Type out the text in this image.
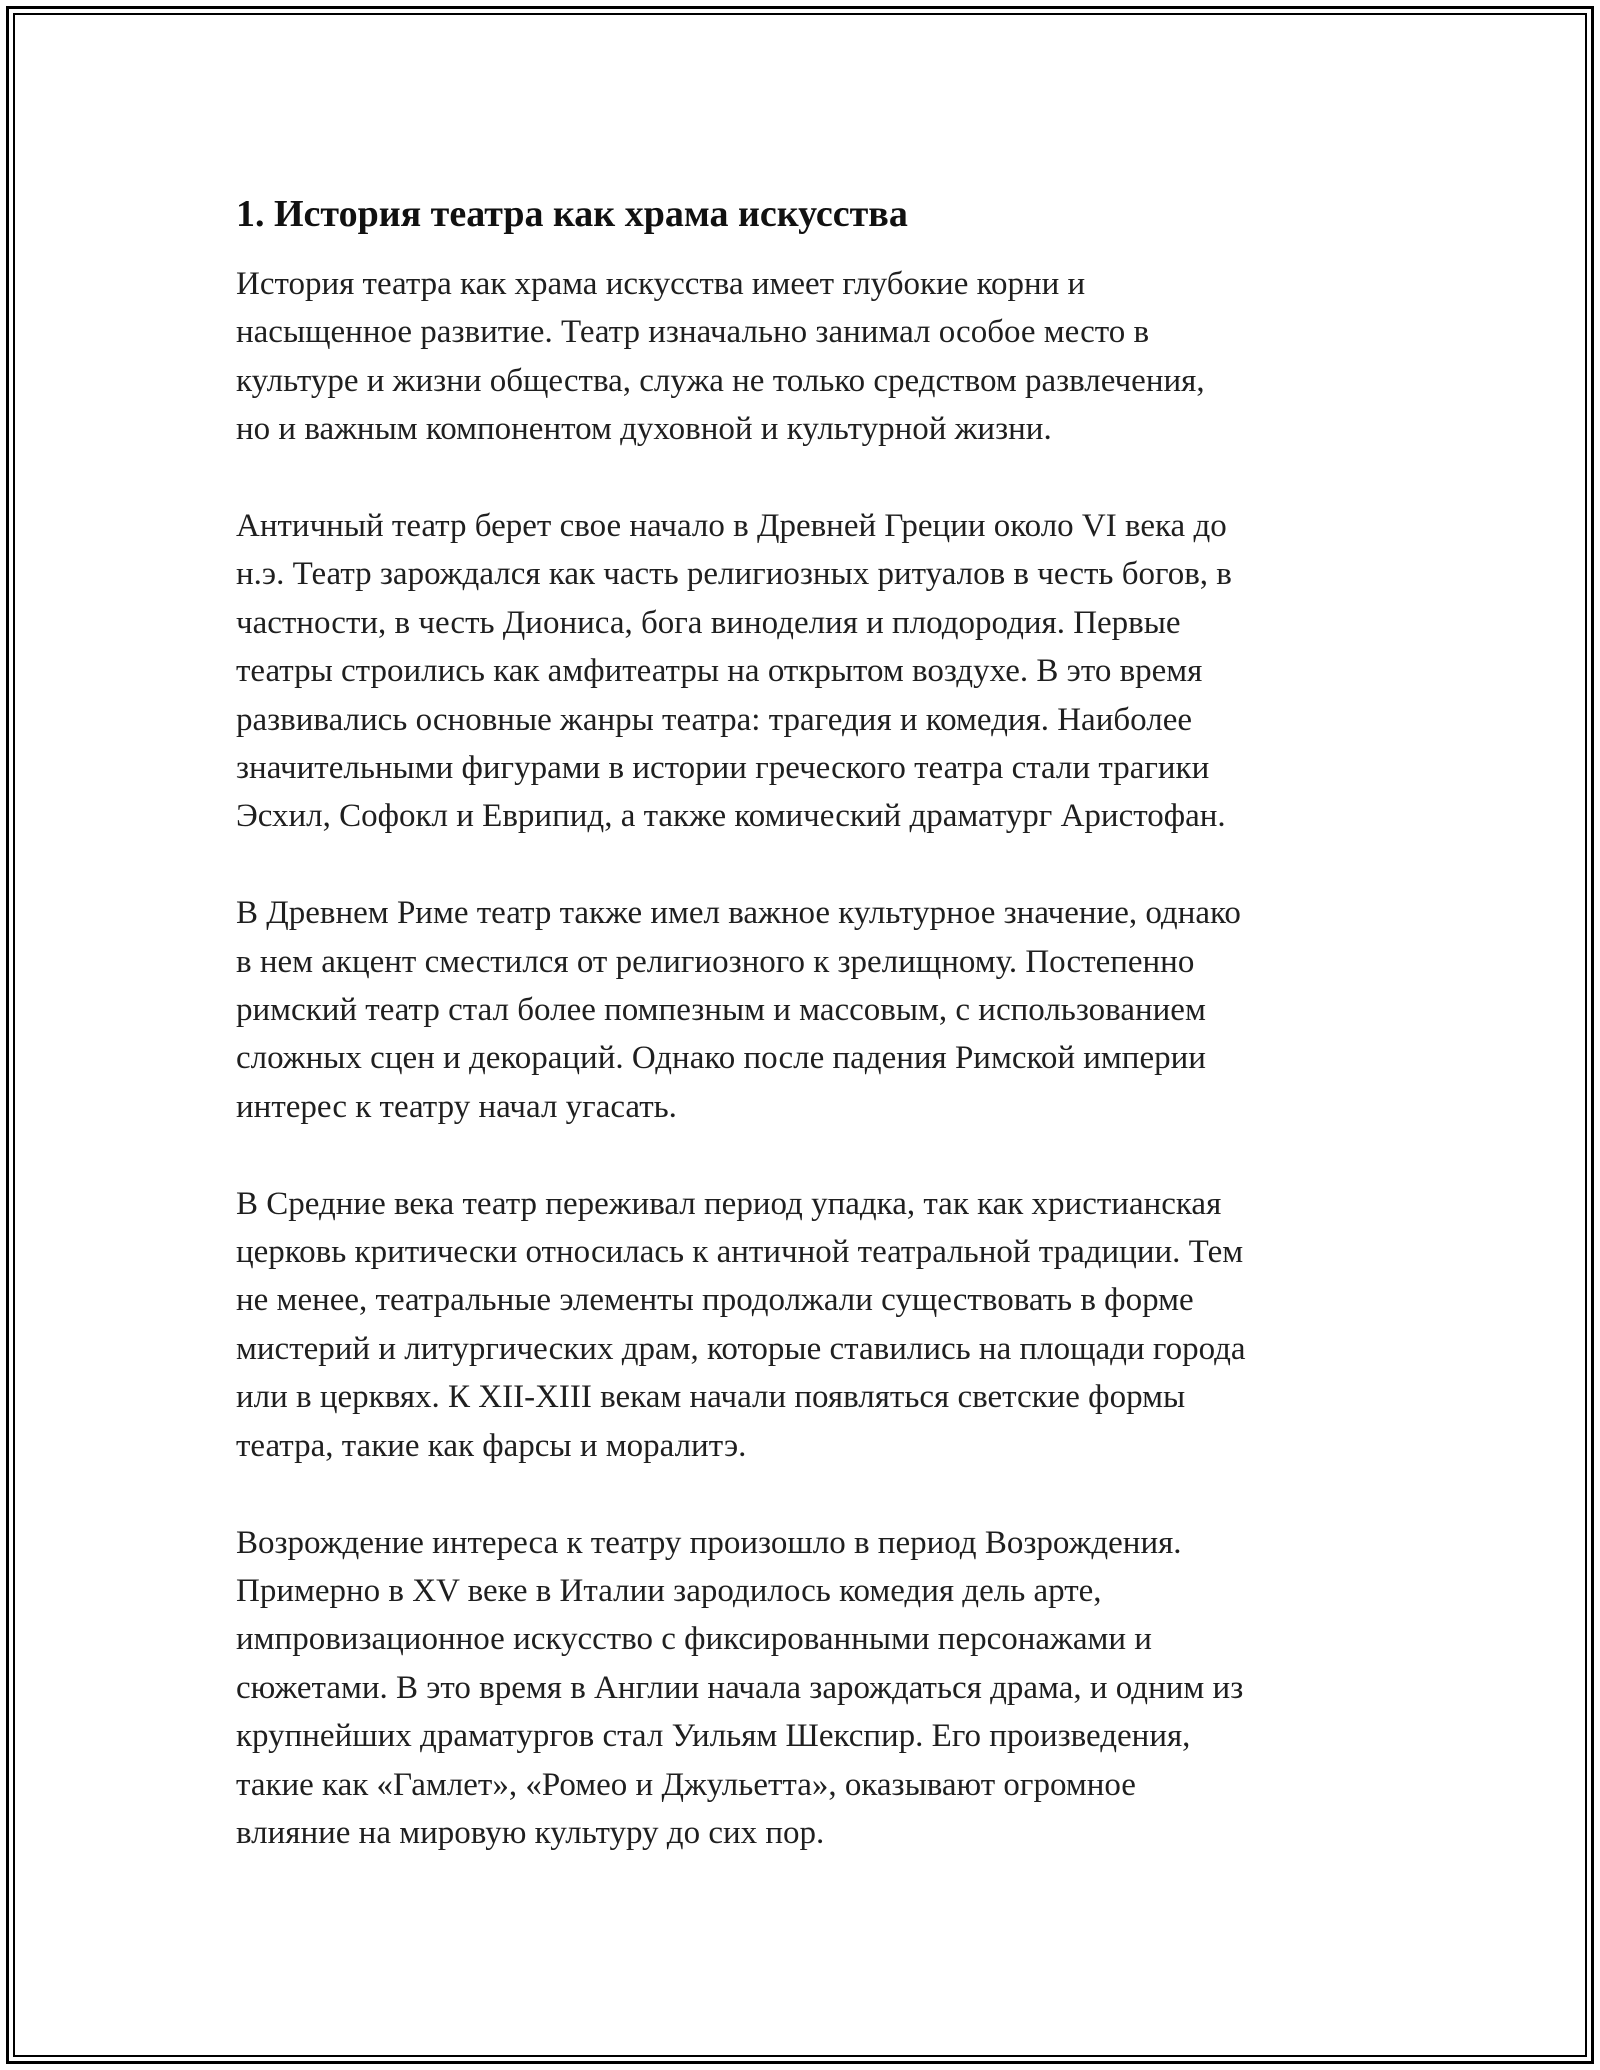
1. История театра как храма искусства

История театра как храма искусства имеет глубокие корни и
насыщенное развитие. Театр изначально занимал особое место в
культуре и жизни общества, служа не только средством развлечения,
но и важным компонентом духовной и культурной жизни.

Античный театр берет свое начало в Древней Греции около VI века до
н.э. Театр зарождался как часть религиозных ритуалов в честь богов, в
частности, в честь Диониса, бога виноделия и плодородия. Первые
театры строились как амфитеатры на открытом воздухе. В это время
развивались основные жанры театра: трагедия и комедия. Наиболее
значительными фигурами в истории греческого театра стали трагики
Эсхил, Софокл и Еврипид, а также комический драматург Аристофан.

В Древнем Риме театр также имел важное культурное значение, однако
в нем акцент сместился от религиозного к зрелищному. Постепенно
римский театр стал более помпезным и массовым, с использованием
сложных сцен и декораций. Однако после падения Римской империи
интерес к театру начал угасать.

В Средние века театр переживал период упадка, так как христианская
церковь критически относилась к античной театральной традиции. Тем
не менее, театральные элементы продолжали существовать в форме
мистерий и литургических драм, которые ставились на площади города
или в церквях. К XII-XIII векам начали появляться светские формы
театра, такие как фарсы и моралитэ.

Возрождение интереса к театру произошло в период Возрождения.
Примерно в XV веке в Италии зародилось комедия дель арте,
импровизационное искусство с фиксированными персонажами и
сюжетами. В это время в Англии начала зарождаться драма, и одним из
крупнейших драматургов стал Уильям Шекспир. Его произведения,
такие как «Гамлет», «Ромео и Джульетта», оказывают огромное
влияние на мировую культуру до сих пор.
